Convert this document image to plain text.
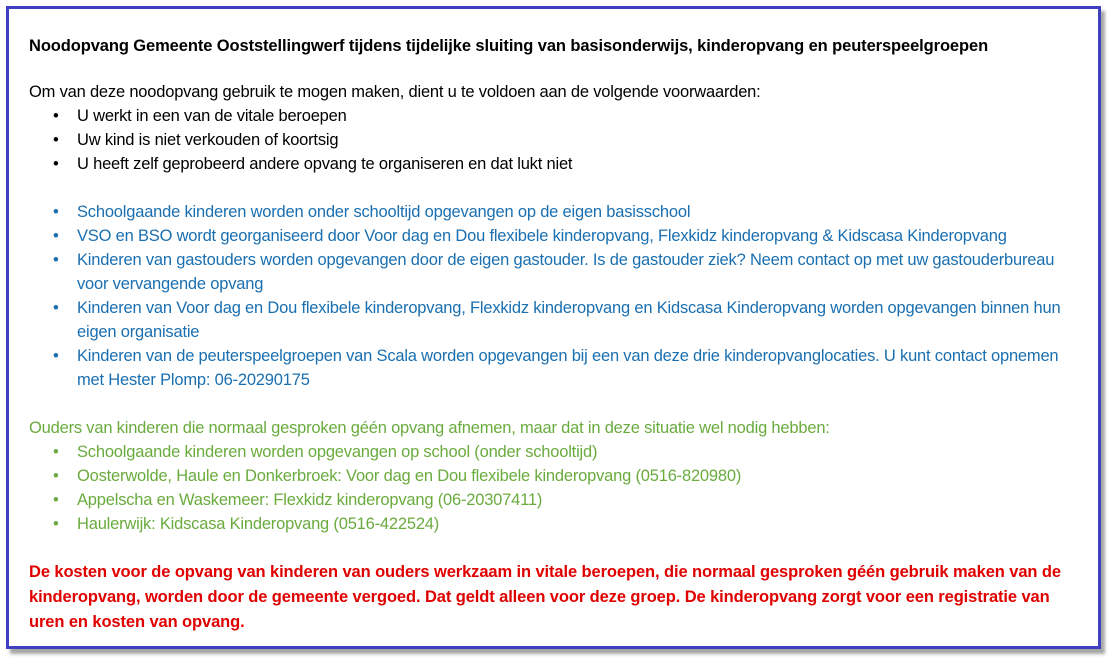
Noodopvang Gemeente Ooststellingwerf tijdens tijdelijke sluiting van basisonderwijs, kinderopvang en peuterspeelgroepen

Om van deze noodopvang gebruik te mogen maken, dient u te voldoen aan de volgende voorwaarden:

• U werkt in een van de vitale beroepen
• Uw kind is niet verkouden of koortsig
• U heeft zelf geprobeerd andere opvang te organiseren en dat lukt niet
• Schoolgaande kinderen worden onder schooltijd opgevangen op de eigen basisschool
• VSO en BSO wordt georganiseerd door Voor dag en Dou flexibele kinderopvang, Flexkidz kinderopvang & Kidscasa Kinderopvang
• Kinderen van gastouders worden opgevangen door de eigen gastouder. Is de gastouder ziek? Neem contact op met uw gastouderbureau voor vervangende opvang
• Kinderen van Voor dag en Dou flexibele kinderopvang, Flexkidz kinderopvang en Kidscasa Kinderopvang worden opgevangen binnen hun eigen organisatie
• Kinderen van de peuterspeelgroepen van Scala worden opgevangen bij een van deze drie kinderopvanglocaties. U kunt contact opnemen met Hester Plomp: 06-20290175

Ouders van kinderen die normaal gesproken géén opvang afnemen, maar dat in deze situatie wel nodig hebben:

• Schoolgaande kinderen worden opgevangen op school (onder schooltijd)
• Oosterwolde, Haule en Donkerbroek: Voor dag en Dou flexibele kinderopvang (0516-820980)
• Appelscha en Waskemeer: Flexkidz kinderopvang (06-20307411)
• Haulerwijk: Kidscasa Kinderopvang (0516-422524)

De kosten voor de opvang van kinderen van ouders werkzaam in vitale beroepen, die normaal gesproken géén gebruik maken van de kinderopvang, worden door de gemeente vergoed. Dat geldt alleen voor deze groep. De kinderopvang zorgt voor een registratie van uren en kosten van opvang.
